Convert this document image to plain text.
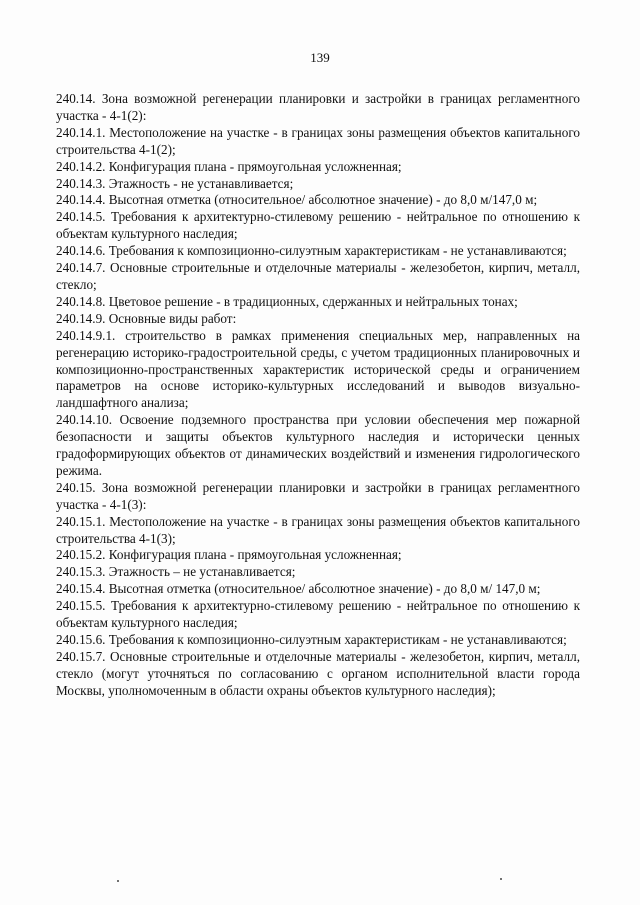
139

240.14. Зона возможной регенерации планировки и застройки в границах регламентного участка - 4-1(2):

240.14.1. Местоположение на участке - в границах зоны размещения объектов капитального строительства 4-1(2);

240.14.2. Конфигурация плана - прямоугольная усложненная;

240.14.3. Этажность - не устанавливается;

240.14.4. Высотная отметка (относительное/ абсолютное значение) - до 8,0 м/147,0 м;

240.14.5. Требования к архитектурно-стилевому решению - нейтральное по отношению к объектам культурного наследия;

240.14.6. Требования к композиционно-силуэтным характеристикам - не устанавливаются;

240.14.7. Основные строительные и отделочные материалы - железобетон, кирпич, металл, стекло;

240.14.8. Цветовое решение - в традиционных, сдержанных и нейтральных тонах;

240.14.9. Основные виды работ:

240.14.9.1. строительство в рамках применения специальных мер, направленных на регенерацию историко-градостроительной среды, с учетом традиционных планировочных и композиционно-пространственных характеристик исторической среды и ограничением параметров на основе историко-культурных исследований и выводов визуально-ландшафтного анализа;

240.14.10. Освоение подземного пространства при условии обеспечения мер пожарной безопасности и защиты объектов культурного наследия и исторически ценных градоформирующих объектов от динамических воздействий и изменения гидрологического режима.

240.15. Зона возможной регенерации планировки и застройки в границах регламентного участка - 4-1(3):

240.15.1. Местоположение на участке - в границах зоны размещения объектов капитального строительства 4-1(3);

240.15.2. Конфигурация плана - прямоугольная усложненная;

240.15.3. Этажность – не устанавливается;

240.15.4. Высотная отметка (относительное/ абсолютное значение) - до 8,0 м/ 147,0 м;

240.15.5. Требования к архитектурно-стилевому решению - нейтральное по отношению к объектам культурного наследия;

240.15.6. Требования к композиционно-силуэтным характеристикам - не устанавливаются;

240.15.7. Основные строительные и отделочные материалы - железобетон, кирпич, металл, стекло (могут уточняться по согласованию с органом исполнительной власти города Москвы, уполномоченным в области охраны объектов культурного наследия);
